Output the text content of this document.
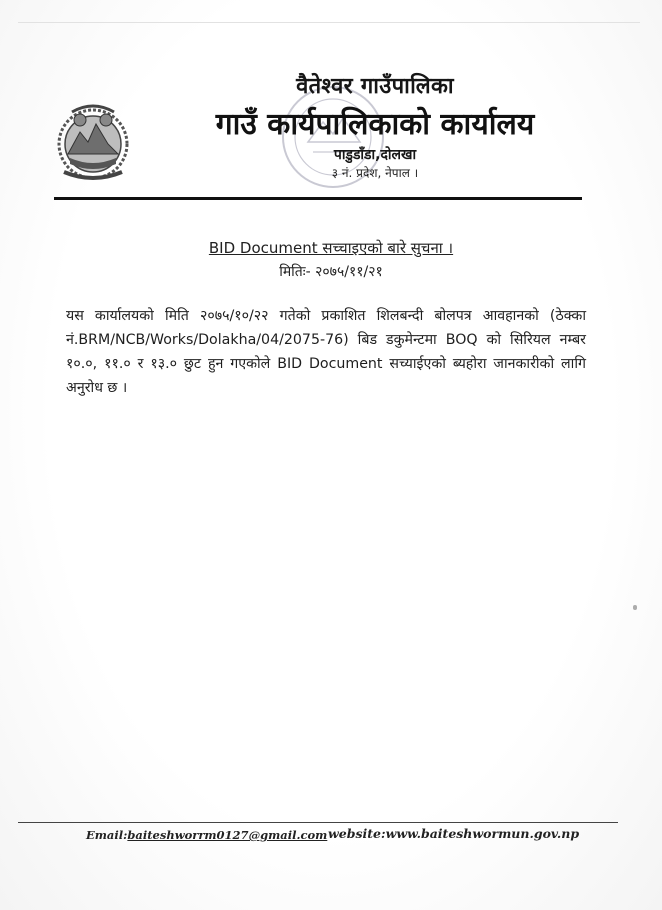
वैतेश्वर गाउँपालिका
गाउँ कार्यपालिकाको कार्यालय
पाडुडाँडा,दोलखा
३ नं. प्रदेश, नेपाल ।
BID Document सच्चाइएको बारे सुचना ।
मितिः- २०७५/११/२१
यस कार्यालयको मिति २०७५/१०/२२ गतेको प्रकाशित शिलबन्दी बोलपत्र आवहानको (ठेक्का नं.BRM/NCB/Works/Dolakha/04/2075-76) बिड डकुमेन्टमा BOQ को सिरियल नम्बर १०.०, ११.० र १३.० छुट हुन गएकोले BID Document सच्याईएको ब्यहोरा जानकारीको लागि अनुरोध छ ।
Email:baiteshworrm0127@gmail.com website:www.baiteshwormun.gov.np
